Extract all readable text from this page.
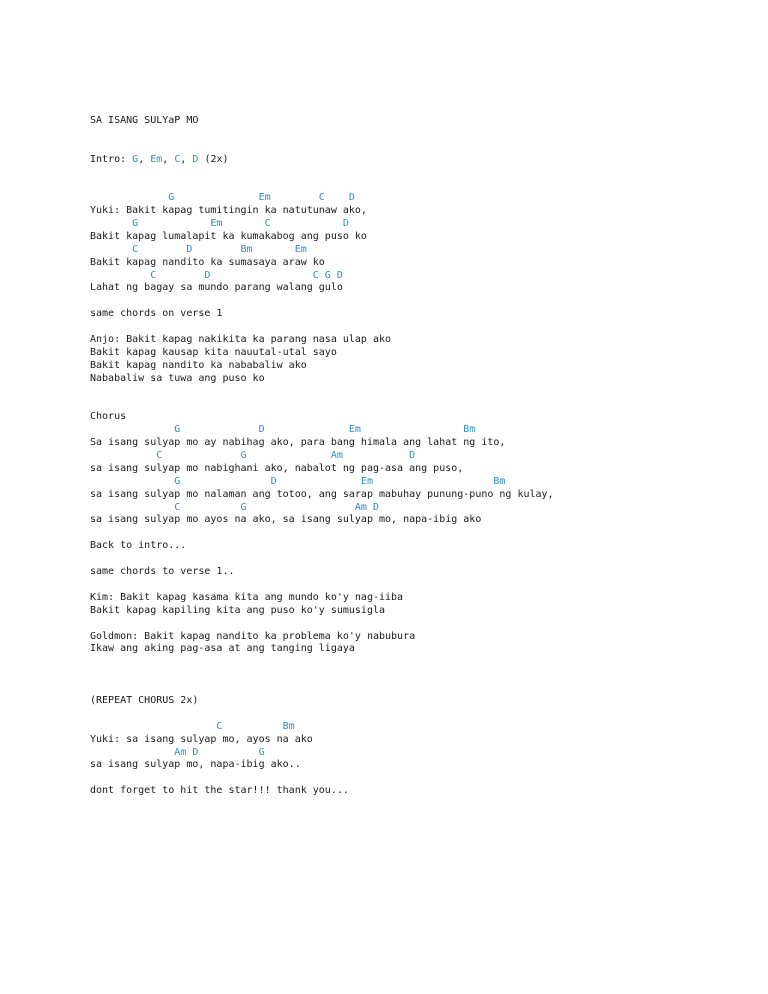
SA ISANG SULYaP MO

Intro: G, Em, C, D (2x)

G              Em        C    D
Yuki: Bakit kapag tumitingin ka natutunaw ako,
G            Em       C            D
Bakit kapag lumalapit ka kumakabog ang puso ko
C        D        Bm       Em
Bakit kapag nandito ka sumasaya araw ko
C        D                 C G D
Lahat ng bagay sa mundo parang walang gulo
same chords on verse 1
Anjo: Bakit kapag nakikita ka parang nasa ulap ako
Bakit kapag kausap kita nauutal-utal sayo
Bakit kapag nandito ka nababaliw ako
Nababaliw sa tuwa ang puso ko
Chorus
G             D              Em                 Bm
Sa isang sulyap mo ay nabihag ako, para bang himala ang lahat ng ito,
C             G              Am           D
sa isang sulyap mo nabighani ako, nabalot ng pag-asa ang puso,
G               D              Em                    Bm
sa isang sulyap mo nalaman ang totoo, ang sarap mabuhay punung-puno ng kulay,
C          G                  Am D
sa isang sulyap mo ayos na ako, sa isang sulyap mo, napa-ibig ako
Back to intro...
same chords to verse 1..
Kim: Bakit kapag kasama kita ang mundo ko'y nag-iiba
Bakit kapag kapiling kita ang puso ko'y sumusigla
Goldmon: Bakit kapag nandito ka problema ko'y nabubura
Ikaw ang aking pag-asa at ang tanging ligaya
(REPEAT CHORUS 2x)
C          Bm
Yuki: sa isang sulyap mo, ayos na ako
Am D          G
sa isang sulyap mo, napa-ibig ako..
dont forget to hit the star!!! thank you...
